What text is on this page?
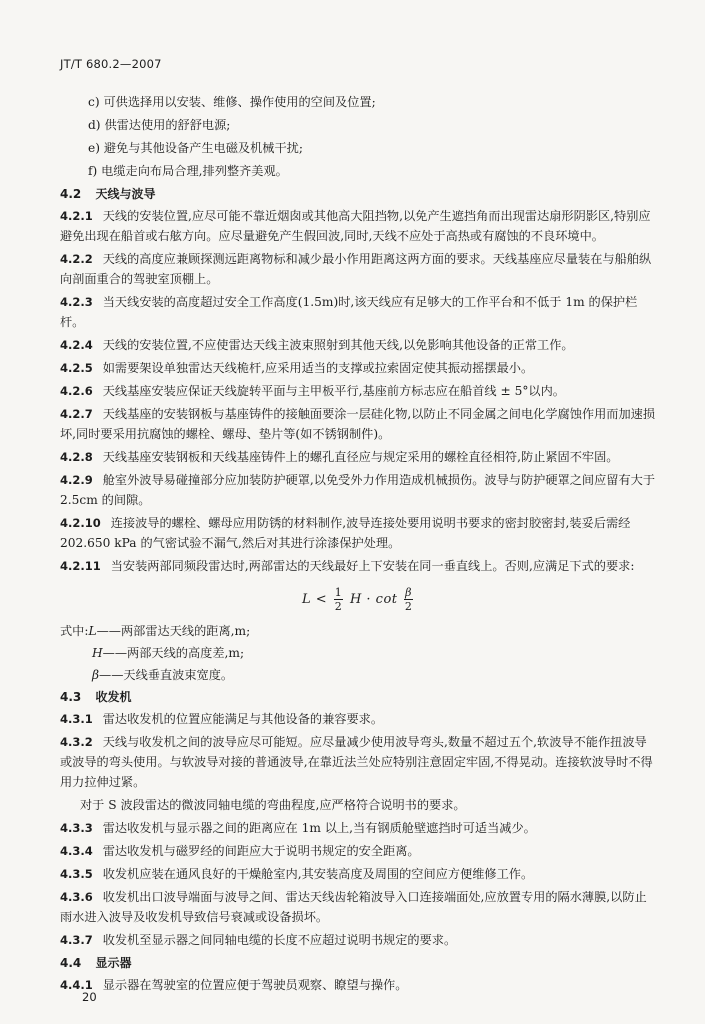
JT/T 680.2—2007
c) 可供选择用以安装、维修、操作使用的空间及位置;
d) 供雷达使用的舒舒电源;
e) 避免与其他设备产生电磁及机械干扰;
f) 电缆走向布局合理,排列整齐美观。
4.2 天线与波导
4.2.1 天线的安装位置,应尽可能不靠近烟囱或其他高大阻挡物,以免产生遮挡角而出现雷达扇形阴影区,特别应避免出现在船首或右舷方向。应尽量避免产生假回波,同时,天线不应处于高热或有腐蚀的不良环境中。
4.2.2 天线的高度应兼顾探测远距离物标和减少最小作用距离这两方面的要求。天线基座应尽量装在与船舶纵向剖面重合的驾驶室顶棚上。
4.2.3 当天线安装的高度超过安全工作高度(1.5m)时,该天线应有足够大的工作平台和不低于 1m 的保护栏杆。
4.2.4 天线的安装位置,不应使雷达天线主波束照射到其他天线,以免影响其他设备的正常工作。
4.2.5 如需要架设单独雷达天线桅杆,应采用适当的支撑或拉索固定使其振动摇摆最小。
4.2.6 天线基座安装应保证天线旋转平面与主甲板平行,基座前方标志应在船首线 ± 5°以内。
4.2.7 天线基座的安装钢板与基座铸件的接触面要涂一层硅化物,以防止不同金属之间电化学腐蚀作用而加速损坏,同时要采用抗腐蚀的螺栓、螺母、垫片等(如不锈钢制件)。
4.2.8 天线基座安装钢板和天线基座铸件上的螺孔直径应与规定采用的螺栓直径相符,防止紧固不牢固。
4.2.9 舱室外波导易碰撞部分应加装防护硬罩,以免受外力作用造成机械损伤。波导与防护硬罩之间应留有大于 2.5cm 的间隙。
4.2.10 连接波导的螺栓、螺母应用防锈的材料制作,波导连接处要用说明书要求的密封胶密封,装妥后需经 202.650 kPa 的气密试验不漏气,然后对其进行涂漆保护处理。
4.2.11 当安装两部同频段雷达时,两部雷达的天线最好上下安装在同一垂直线上。否则,应满足下式的要求:
$L < \frac{1}{2}$ $H \cdot \cot \frac{\beta}{2}$
式中:L——两部雷达天线的距离,m;
H——两部天线的高度差,m;
β——天线垂直波束宽度。
4.3 收发机
4.3.1 雷达收发机的位置应能满足与其他设备的兼容要求。
4.3.2 天线与收发机之间的波导应尽可能短。应尽量减少使用波导弯头,数量不超过五个,软波导不能作扭波导或波导的弯头使用。与软波导对接的普通波导,在靠近法兰处应特别注意固定牢固,不得晃动。连接软波导时不得用力拉伸过紧。
对于 S 波段雷达的微波同轴电缆的弯曲程度,应严格符合说明书的要求。
4.3.3 雷达收发机与显示器之间的距离应在 1m 以上,当有钢质舱壁遮挡时可适当减少。
4.3.4 雷达收发机与磁罗经的间距应大于说明书规定的安全距离。
4.3.5 收发机应装在通风良好的干燥舱室内,其安装高度及周围的空间应方便维修工作。
4.3.6 收发机出口波导端面与波导之间、雷达天线齿轮箱波导入口连接端面处,应放置专用的隔水薄膜,以防止雨水进入波导及收发机导致信号衰减或设备损坏。
4.3.7 收发机至显示器之间同轴电缆的长度不应超过说明书规定的要求。
4.4 显示器
4.4.1 显示器在驾驶室的位置应便于驾驶员观察、瞭望与操作。
20
